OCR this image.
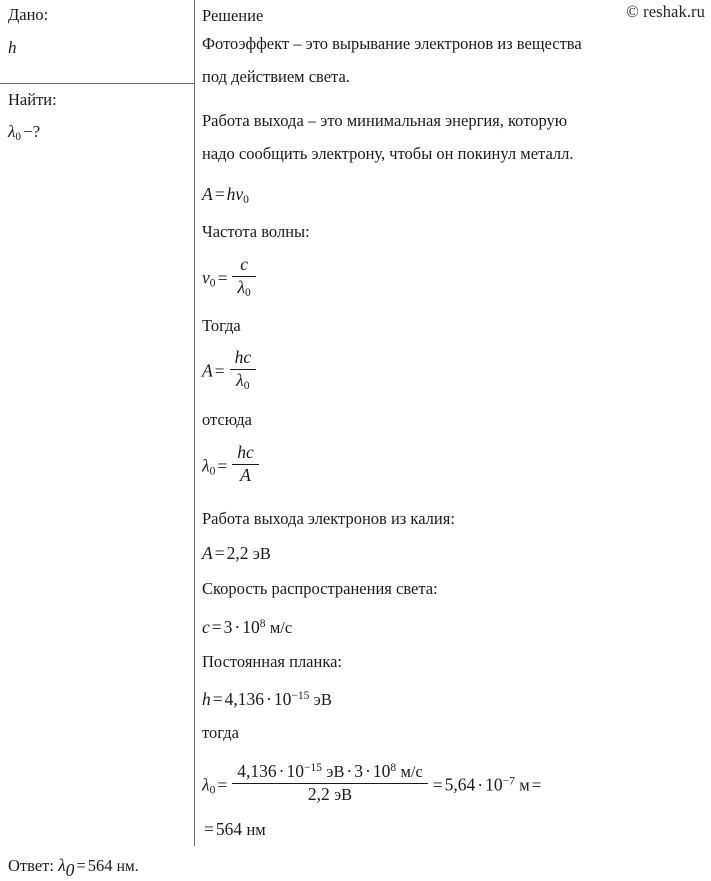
Дано:
h
Найти:
$\lambda_0$ −?
© reshak.ru
Решение
Фотоэффект – это вырывание электронов из вещества
под действием света.
Работа выхода – это минимальная энергия, которую
надо сообщить электрону, чтобы он покинул металл.
$A = h\nu_0$
Частота волны:
$\nu_0 = \frac{c}{\lambda_0}$
Тогда
$A = \frac{hc}{\lambda_0}$
отсюда
$\lambda_0 = \frac{hc}{A}$
Работа выхода электронов из калия:
A = 2,2 эВ
Скорость распространения света:
$c = 3 \cdot 10^8$ м/с
Постоянная планка:
$h = 4,136 \cdot 10^{-15}$ эВ
тогда
$\lambda_0 = \frac{4,136 \cdot 10^{-15} эВ \cdot 3 \cdot 10^8 м/с}{2,2 эВ} = 5,64 \cdot 10^{-7}$ м =
= 564 нм
Ответ: λ0 = 564 нм.
